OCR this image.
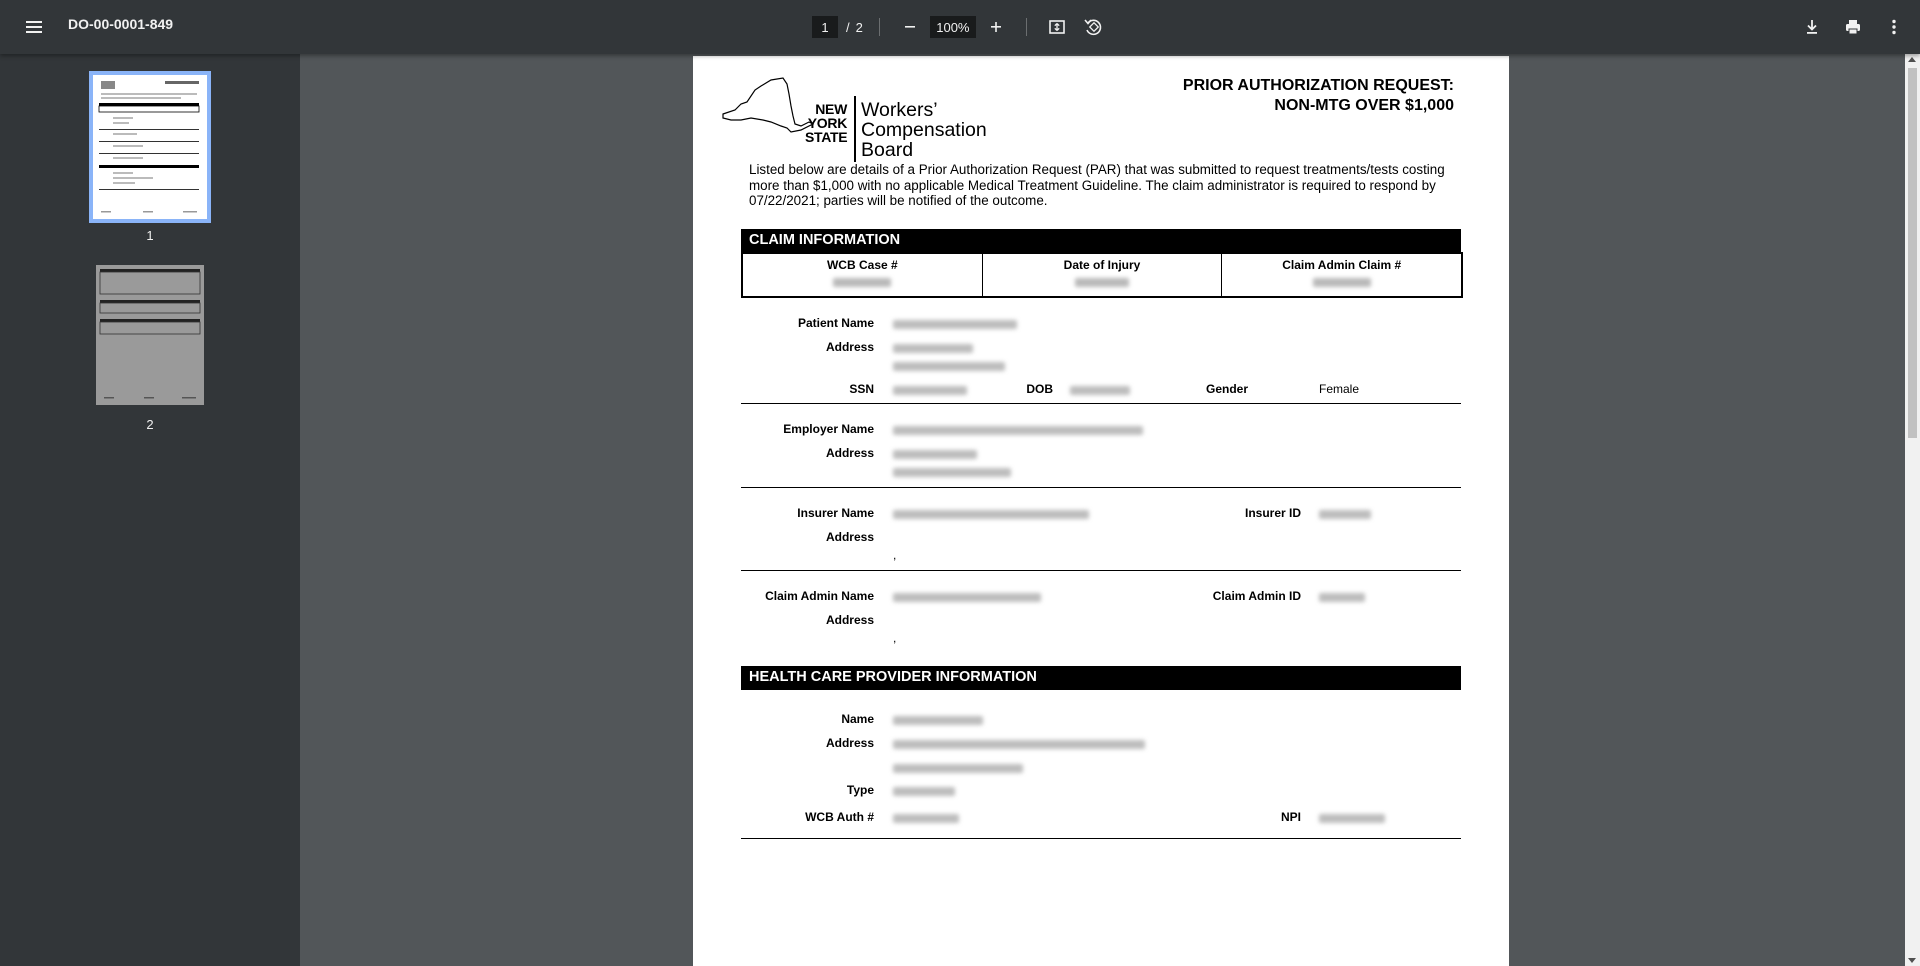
DO-00-0001-849
1	/ 2
100%
1
2
NEW
YORK
STATE
Workers’
Compensation
Board
PRIOR AUTHORIZATION REQUEST:
NON-MTG OVER $1,000
Listed below are details of a Prior Authorization Request (PAR) that was submitted to request treatments/tests costing more than $1,000 with no applicable Medical Treatment Guideline. The claim administrator is required to respond by 07/22/2021; parties will be notified of the outcome.
CLAIM INFORMATION
WCB Case #	Date of Injury	Claim Admin Claim #
Patient Name
Address
SSN	DOB	Gender	Female
Employer Name
Address
Insurer Name	Insurer ID
Address
,
Claim Admin Name	Claim Admin ID
Address
,
HEALTH CARE PROVIDER INFORMATION
Name
Address
Type
WCB Auth #	NPI
